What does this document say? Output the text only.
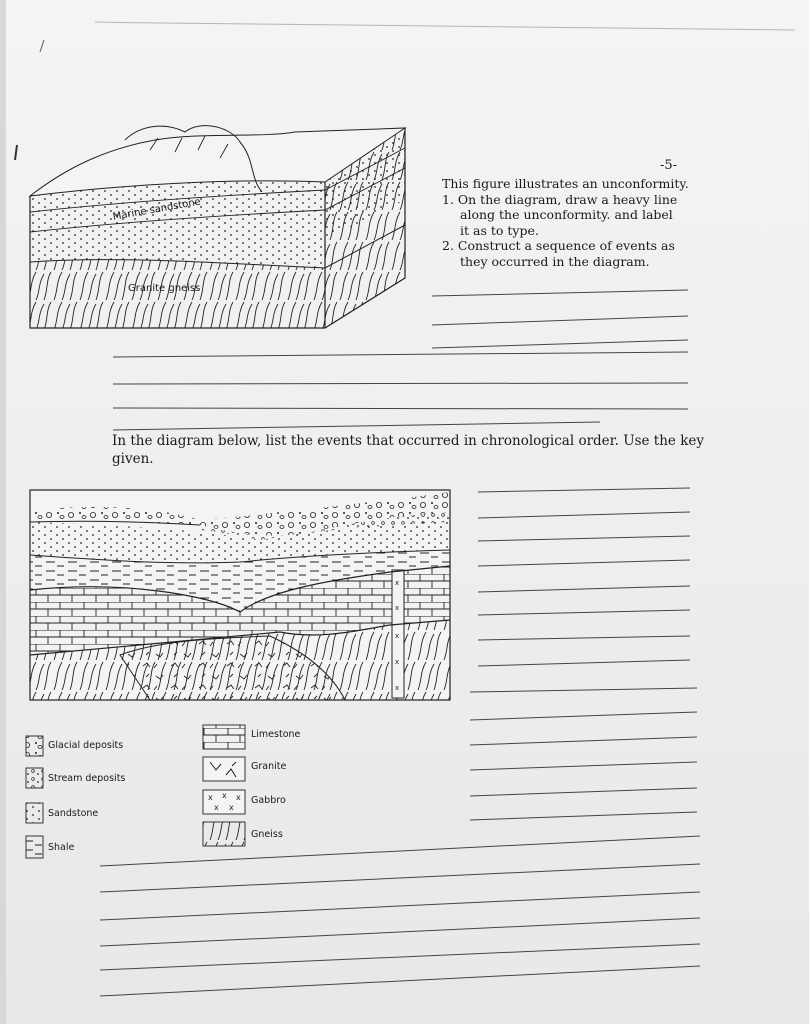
x
x
x
x
x
x x x
x x
-5-
This figure illustrates an unconformity.
1. On the diagram, draw a heavy line
along the unconformity. and label
it as to type.
2. Construct a sequence of events as
they occurred in the diagram.
Marine sandstone
Granite gneiss
In the diagram below, list the events that occurred in chronological order. Use the key
given.
Glacial deposits
Stream deposits
Sandstone
Shale
Limestone
Granite
Gabbro
Gneiss
